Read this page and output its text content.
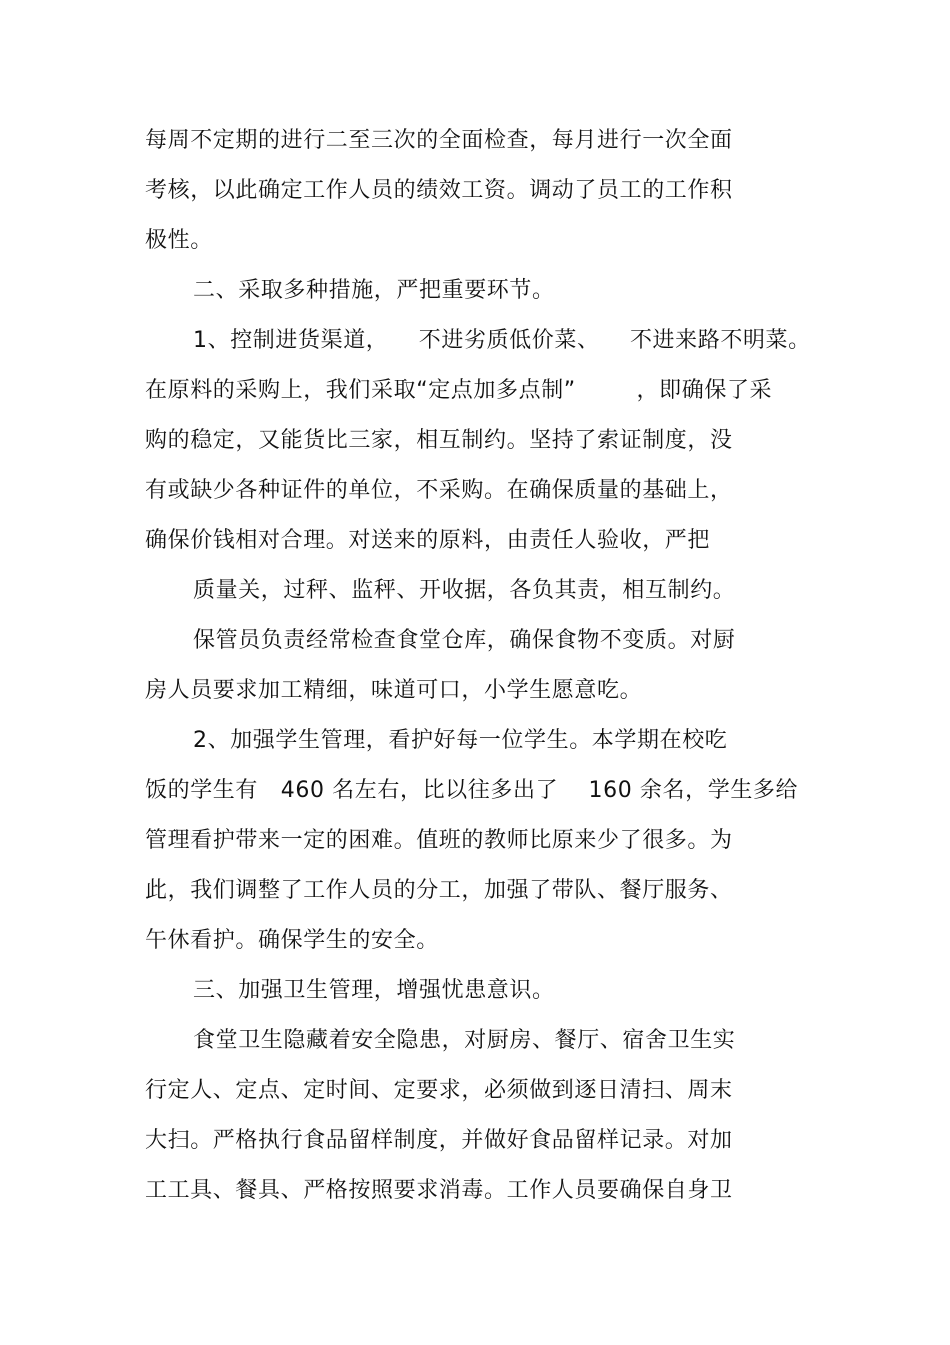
每周不定期的进行二至三次的全面检查，每月进行一次全面
考核，以此确定工作人员的绩效工资。调动了员工的工作积
极性。
二、采取多种措施，严把重要环节。
1、控制进货渠道，    不进劣质低价菜、    不进来路不明菜。
在原料的采购上，我们采取“定点加多点制”        ，即确保了采
购的稳定，又能货比三家，相互制约。坚持了索证制度，没
有或缺少各种证件的单位，不采购。在确保质量的基础上，
确保价钱相对合理。对送来的原料，由责任人验收，严把
质量关，过秤、监秤、开收据，各负其责，相互制约。
保管员负责经常检查食堂仓库，确保食物不变质。对厨
房人员要求加工精细，味道可口，小学生愿意吃。
2、加强学生管理，看护好每一位学生。本学期在校吃
饭的学生有   460 名左右，比以往多出了    160 余名，学生多给
管理看护带来一定的困难。值班的教师比原来少了很多。为
此，我们调整了工作人员的分工，加强了带队、餐厅服务、
午休看护。确保学生的安全。
三、加强卫生管理，增强忧患意识。
食堂卫生隐藏着安全隐患，对厨房、餐厅、宿舍卫生实
行定人、定点、定时间、定要求，必须做到逐日清扫、周末
大扫。严格执行食品留样制度，并做好食品留样记录。对加
工工具、餐具、严格按照要求消毒。工作人员要确保自身卫
